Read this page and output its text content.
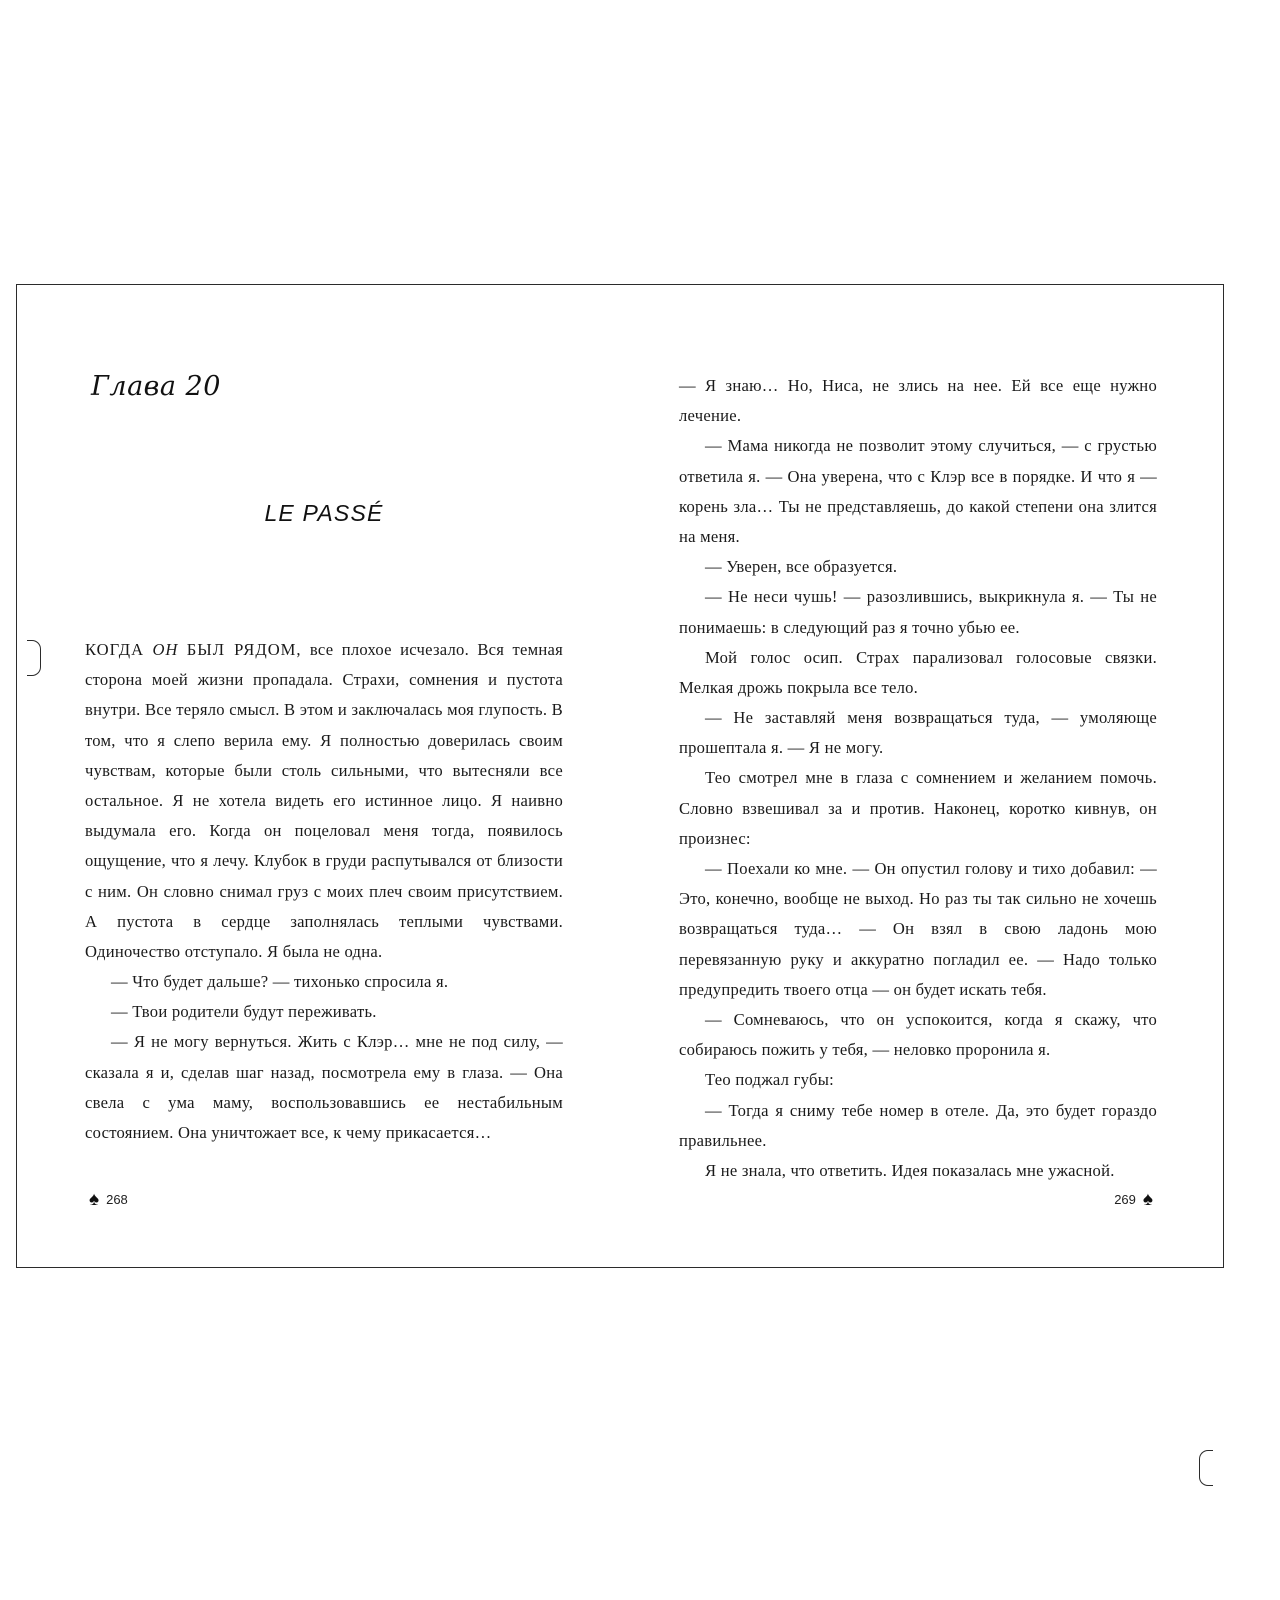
Глава 20
LE PASSÉ

КОГДА ОН БЫЛ РЯДОМ, все плохое исчезало. Вся темная сторона моей жизни пропадала. Страхи, сомнения и пустота внутри. Все теряло смысл. В этом и заключалась моя глупость. В том, что я слепо верила ему. Я полностью доверилась своим чувствам, которые были столь сильными, что вытесняли все остальное. Я не хотела видеть его истинное лицо. Я наивно выдумала его. Когда он поцеловал меня тогда, появилось ощущение, что я лечу. Клубок в груди распутывался от близости с ним. Он словно снимал груз с моих плеч своим присутствием. А пустота в сердце заполнялась теплыми чувствами. Одиночество отступало. Я была не одна.

— Что будет дальше? — тихонько спросила я.

— Твои родители будут переживать.

— Я не могу вернуться. Жить с Клэр… мне не под силу, — сказала я и, сделав шаг назад, посмотрела ему в глаза. — Она свела с ума маму, воспользовавшись ее нестабильным состоянием. Она уничтожает все, к чему прикасается…

♠ 268

— Я знаю… Но, Ниса, не злись на нее. Ей все еще нужно лечение.

— Мама никогда не позволит этому случиться, — с грустью ответила я. — Она уверена, что с Клэр все в порядке. И что я — корень зла… Ты не представляешь, до какой степени она злится на меня.

— Уверен, все образуется.

— Не неси чушь! — разозлившись, выкрикнула я. — Ты не понимаешь: в следующий раз я точно убью ее.

Мой голос осип. Страх парализовал голосовые связки. Мелкая дрожь покрыла все тело.

— Не заставляй меня возвращаться туда, — умоляюще прошептала я. — Я не могу.

Тео смотрел мне в глаза с сомнением и желанием помочь. Словно взвешивал за и против. Наконец, коротко кивнув, он произнес:

— Поехали ко мне. — Он опустил голову и тихо добавил: — Это, конечно, вообще не выход. Но раз ты так сильно не хочешь возвращаться туда… — Он взял в свою ладонь мою перевязанную руку и аккуратно погладил ее. — Надо только предупредить твоего отца — он будет искать тебя.

— Сомневаюсь, что он успокоится, когда я скажу, что собираюсь пожить у тебя, — неловко проронила я.

Тео поджал губы:

— Тогда я сниму тебе номер в отеле. Да, это будет гораздо правильнее.

Я не знала, что ответить. Идея показалась мне ужасной.

269 ♠
